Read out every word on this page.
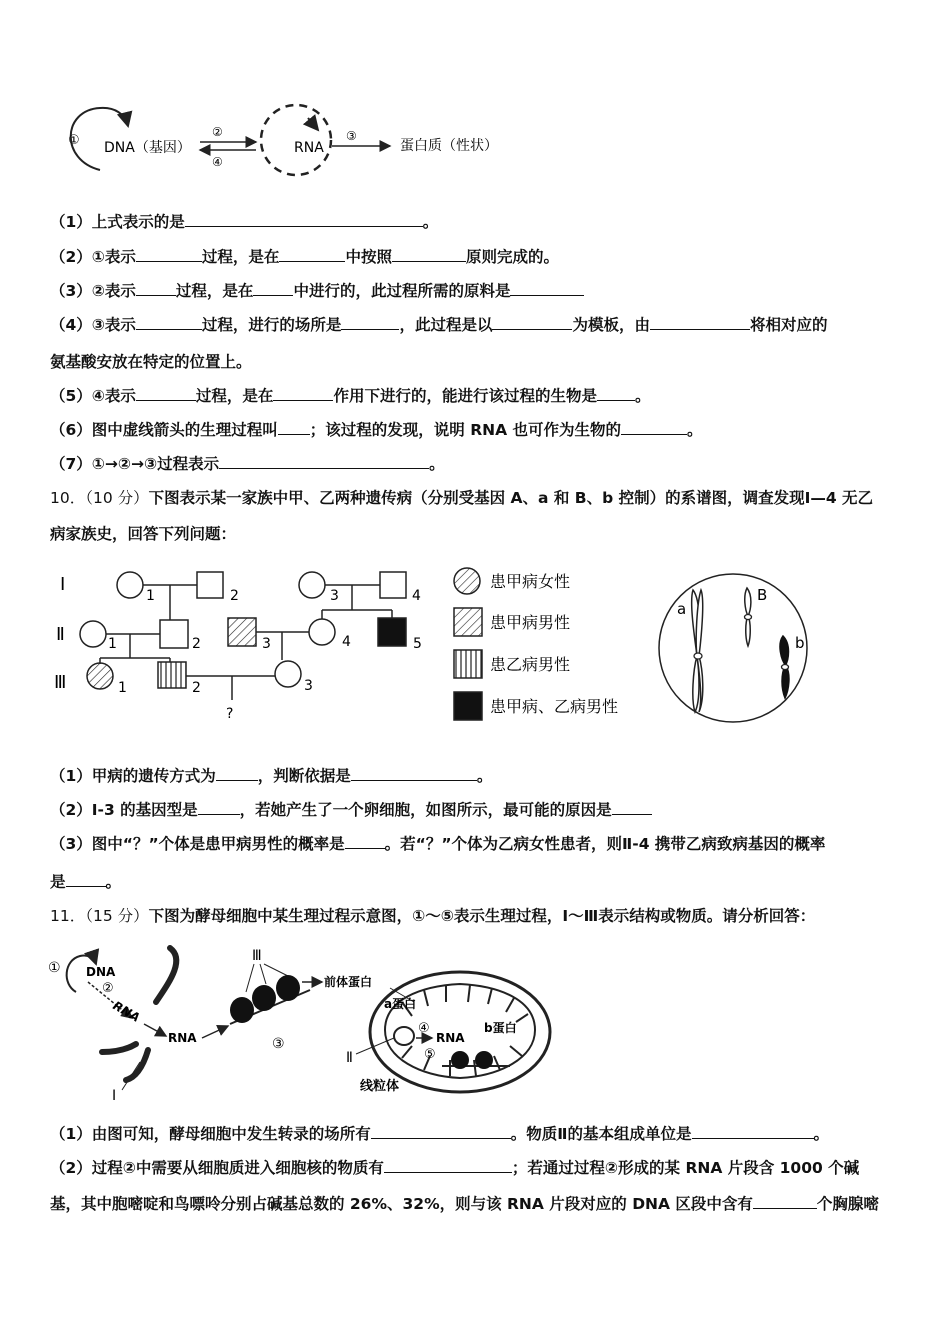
① DNA（基因）
②
④
RNA
③
蛋白质（性状）
（1）上式表示的是	。
（2）①表示	过程，是在	中按照	原则完成的。
（3）②表示	过程，是在	中进行的，此过程所需的原料是
（4）③表示	过程，进行的场所是	，此过程是以	为模板，由	将相对应的
氨基酸安放在特定的位置上。
（5）④表示	过程，是在	作用下进行的，能进行该过程的生物是 。
（6）图中虚线箭头的生理过程叫 ；该过程的发现，说明 RNA 也可作为生物的	。
（7）①→②→③过程表示	。
10．（10 分）下图表示某一家族中甲、乙两种遗传病（分别受基因 A、a 和 B、b 控制）的系谱图，调查发现Ⅰ—4 无乙
病家族史，回答下列问题：
Ⅰ
Ⅱ
Ⅲ
1	2	3	4
1	2	3	4	5
1	2	3
?
患甲病女性
患甲病男性
患乙病男性
患甲病、乙病男性
a
B
b
（1）甲病的遗传方式为	，判断依据是	。
（2）Ⅰ-3 的基因型是	，若她产生了一个卵细胞，如图所示，最可能的原因是
（3）图中“？”个体是患甲病男性的概率是	。若“？”个体为乙病女性患者，则Ⅱ-4 携带乙病致病基因的概率
是	。
11．（15 分）下图为酵母细胞中某生理过程示意图，①～⑤表示生理过程，Ⅰ～Ⅲ表示结构或物质。请分析回答：
① DNA
②
RNA
Ⅰ
RNA
Ⅲ
③
前体蛋白
a蛋白
④
RNA
b蛋白
⑤
Ⅱ
线粒体
（1）由图可知，酵母细胞中发生转录的场所有	。物质Ⅱ的基本组成单位是	。
（2）过程②中需要从细胞质进入细胞核的物质有	；若通过过程②形成的某 RNA 片段含 1000 个碱
基，其中胞嘧啶和鸟嘌呤分别占碱基总数的 26%、32%，则与该 RNA 片段对应的 DNA 区段中含有	个胸腺嘧
